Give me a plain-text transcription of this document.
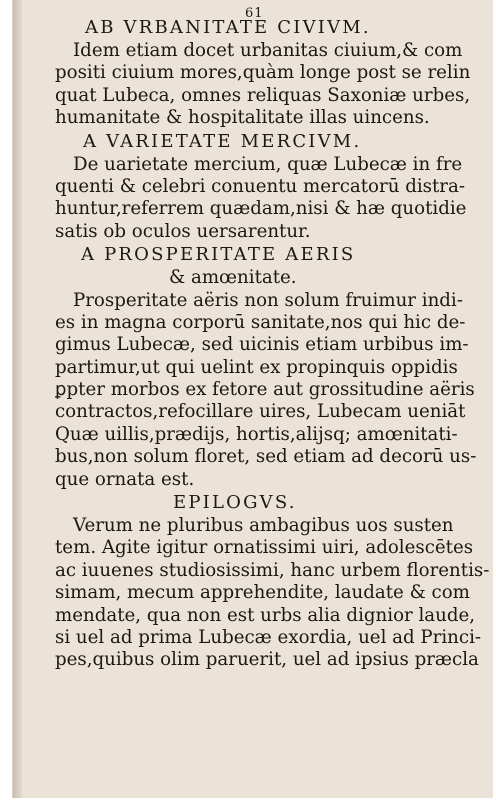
61
AB VRBANITATE CIVIVM.
Idem etiam docet urbanitas ciuium,& com
positi ciuium mores,quàm longe post se relin
quat Lubeca, omnes reliquas Saxoniæ urbes,
humanitate & hospitalitate illas uincens.
A VARIETATE MERCIVM.
De uarietate mercium, quæ Lubecæ in fre
quenti & celebri conuentu mercatorū distra-
huntur,referrem quædam,nisi & hæ quotidie
satis ob oculos uersarentur.
A PROSPERITATE AERIS
& amœnitate.
Prosperitate aëris non solum fruimur indi-
es in magna corporū sanitate,nos qui hic de-
gimus Lubecæ, sed uicinis etiam urbibus im-
partimur,ut qui uelint ex propinquis oppidis
ꝑpter morbos ex fetore aut grossitudine aëris
contractos,refocillare uires, Lubecam ueniāt
Quæ uillis,prædijs, hortis,alijsq; amœnitati-
bus,non solum floret, sed etiam ad decorū us-
que ornata est.
EPILOGVS.
Verum ne pluribus ambagibus uos susten
tem. Agite igitur ornatissimi uiri, adolescētes
ac iuuenes studiosissimi, hanc urbem florentis-
simam, mecum apprehendite, laudate & com
mendate, qua non est urbs alia dignior laude,
si uel ad prima Lubecæ exordia, uel ad Princi-
pes,quibus olim paruerit, uel ad ipsius præcla
